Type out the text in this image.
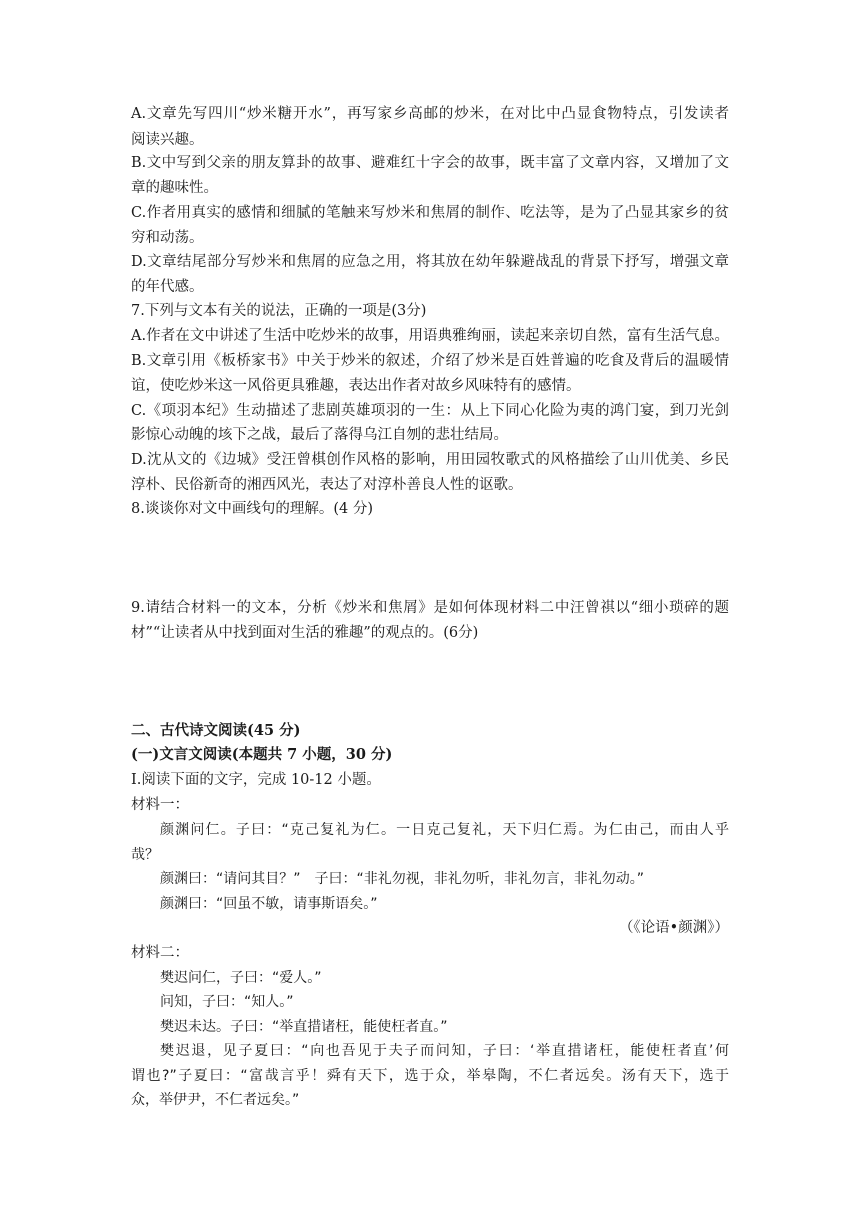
A.文章先写四川“炒米糖开水”，再写家乡高邮的炒米，在对比中凸显食物特点，引发读者
阅读兴趣。
B.文中写到父亲的朋友算卦的故事、避难红十字会的故事，既丰富了文章内容，又增加了文
章的趣味性。
C.作者用真实的感情和细腻的笔触来写炒米和焦屑的制作、吃法等，是为了凸显其家乡的贫
穷和动荡。
D.文章结尾部分写炒米和焦屑的应急之用，将其放在幼年躲避战乱的背景下抒写，增强文章
的年代感。
7.下列与文本有关的说法，正确的一项是(3分)
A.作者在文中讲述了生活中吃炒米的故事，用语典雅绚丽，读起来亲切自然，富有生活气息。
B.文章引用《板桥家书》中关于炒米的叙述，介绍了炒米是百姓普遍的吃食及背后的温暖情
谊，使吃炒米这一风俗更具雅趣，表达出作者对故乡风味特有的感情。
C.《项羽本纪》生动描述了悲剧英雄项羽的一生：从上下同心化险为夷的鸿门宴，到刀光剑
影惊心动魄的垓下之战，最后了落得乌江自刎的悲壮结局。
D.沈从文的《边城》受汪曾棋创作风格的影响，用田园牧歌式的风格描绘了山川优美、乡民
淳朴、民俗新奇的湘西风光，表达了对淳朴善良人性的讴歌。
8.谈谈你对文中画线句的理解。(4 分)
9.请结合材料一的文本，分析《炒米和焦屑》是如何体现材料二中汪曾祺以“细小琐碎的题
材”“让读者从中找到面对生活的雅趣”的观点的。(6分)
二、古代诗文阅读(45 分)
(一)文言文阅读(本题共 7 小题，30 分)
Ⅰ.阅读下面的文字，完成 10-12 小题。
材料一：
颜渊问仁。子曰：“克己复礼为仁。一日克己复礼，天下归仁焉。为仁由己，而由人乎
哉？
颜渊曰：“请问其目？”　子曰：“非礼勿视，非礼勿听，非礼勿言，非礼勿动。”
颜渊曰：“回虽不敏，请事斯语矣。”
（《论语•颜渊》）
材料二：
樊迟问仁，子曰：“爱人。”
问知，子曰：“知人。”
樊迟未达。子曰：“举直措诸枉，能使枉者直。”
樊迟退，见子夏曰：“向也吾见于夫子而问知，子曰：‘举直措诸枉，能使枉者直’何
谓也?”子夏曰：“富哉言乎！舜有天下，选于众，举皋陶，不仁者远矣。汤有天下，选于
众，举伊尹，不仁者远矣。”
